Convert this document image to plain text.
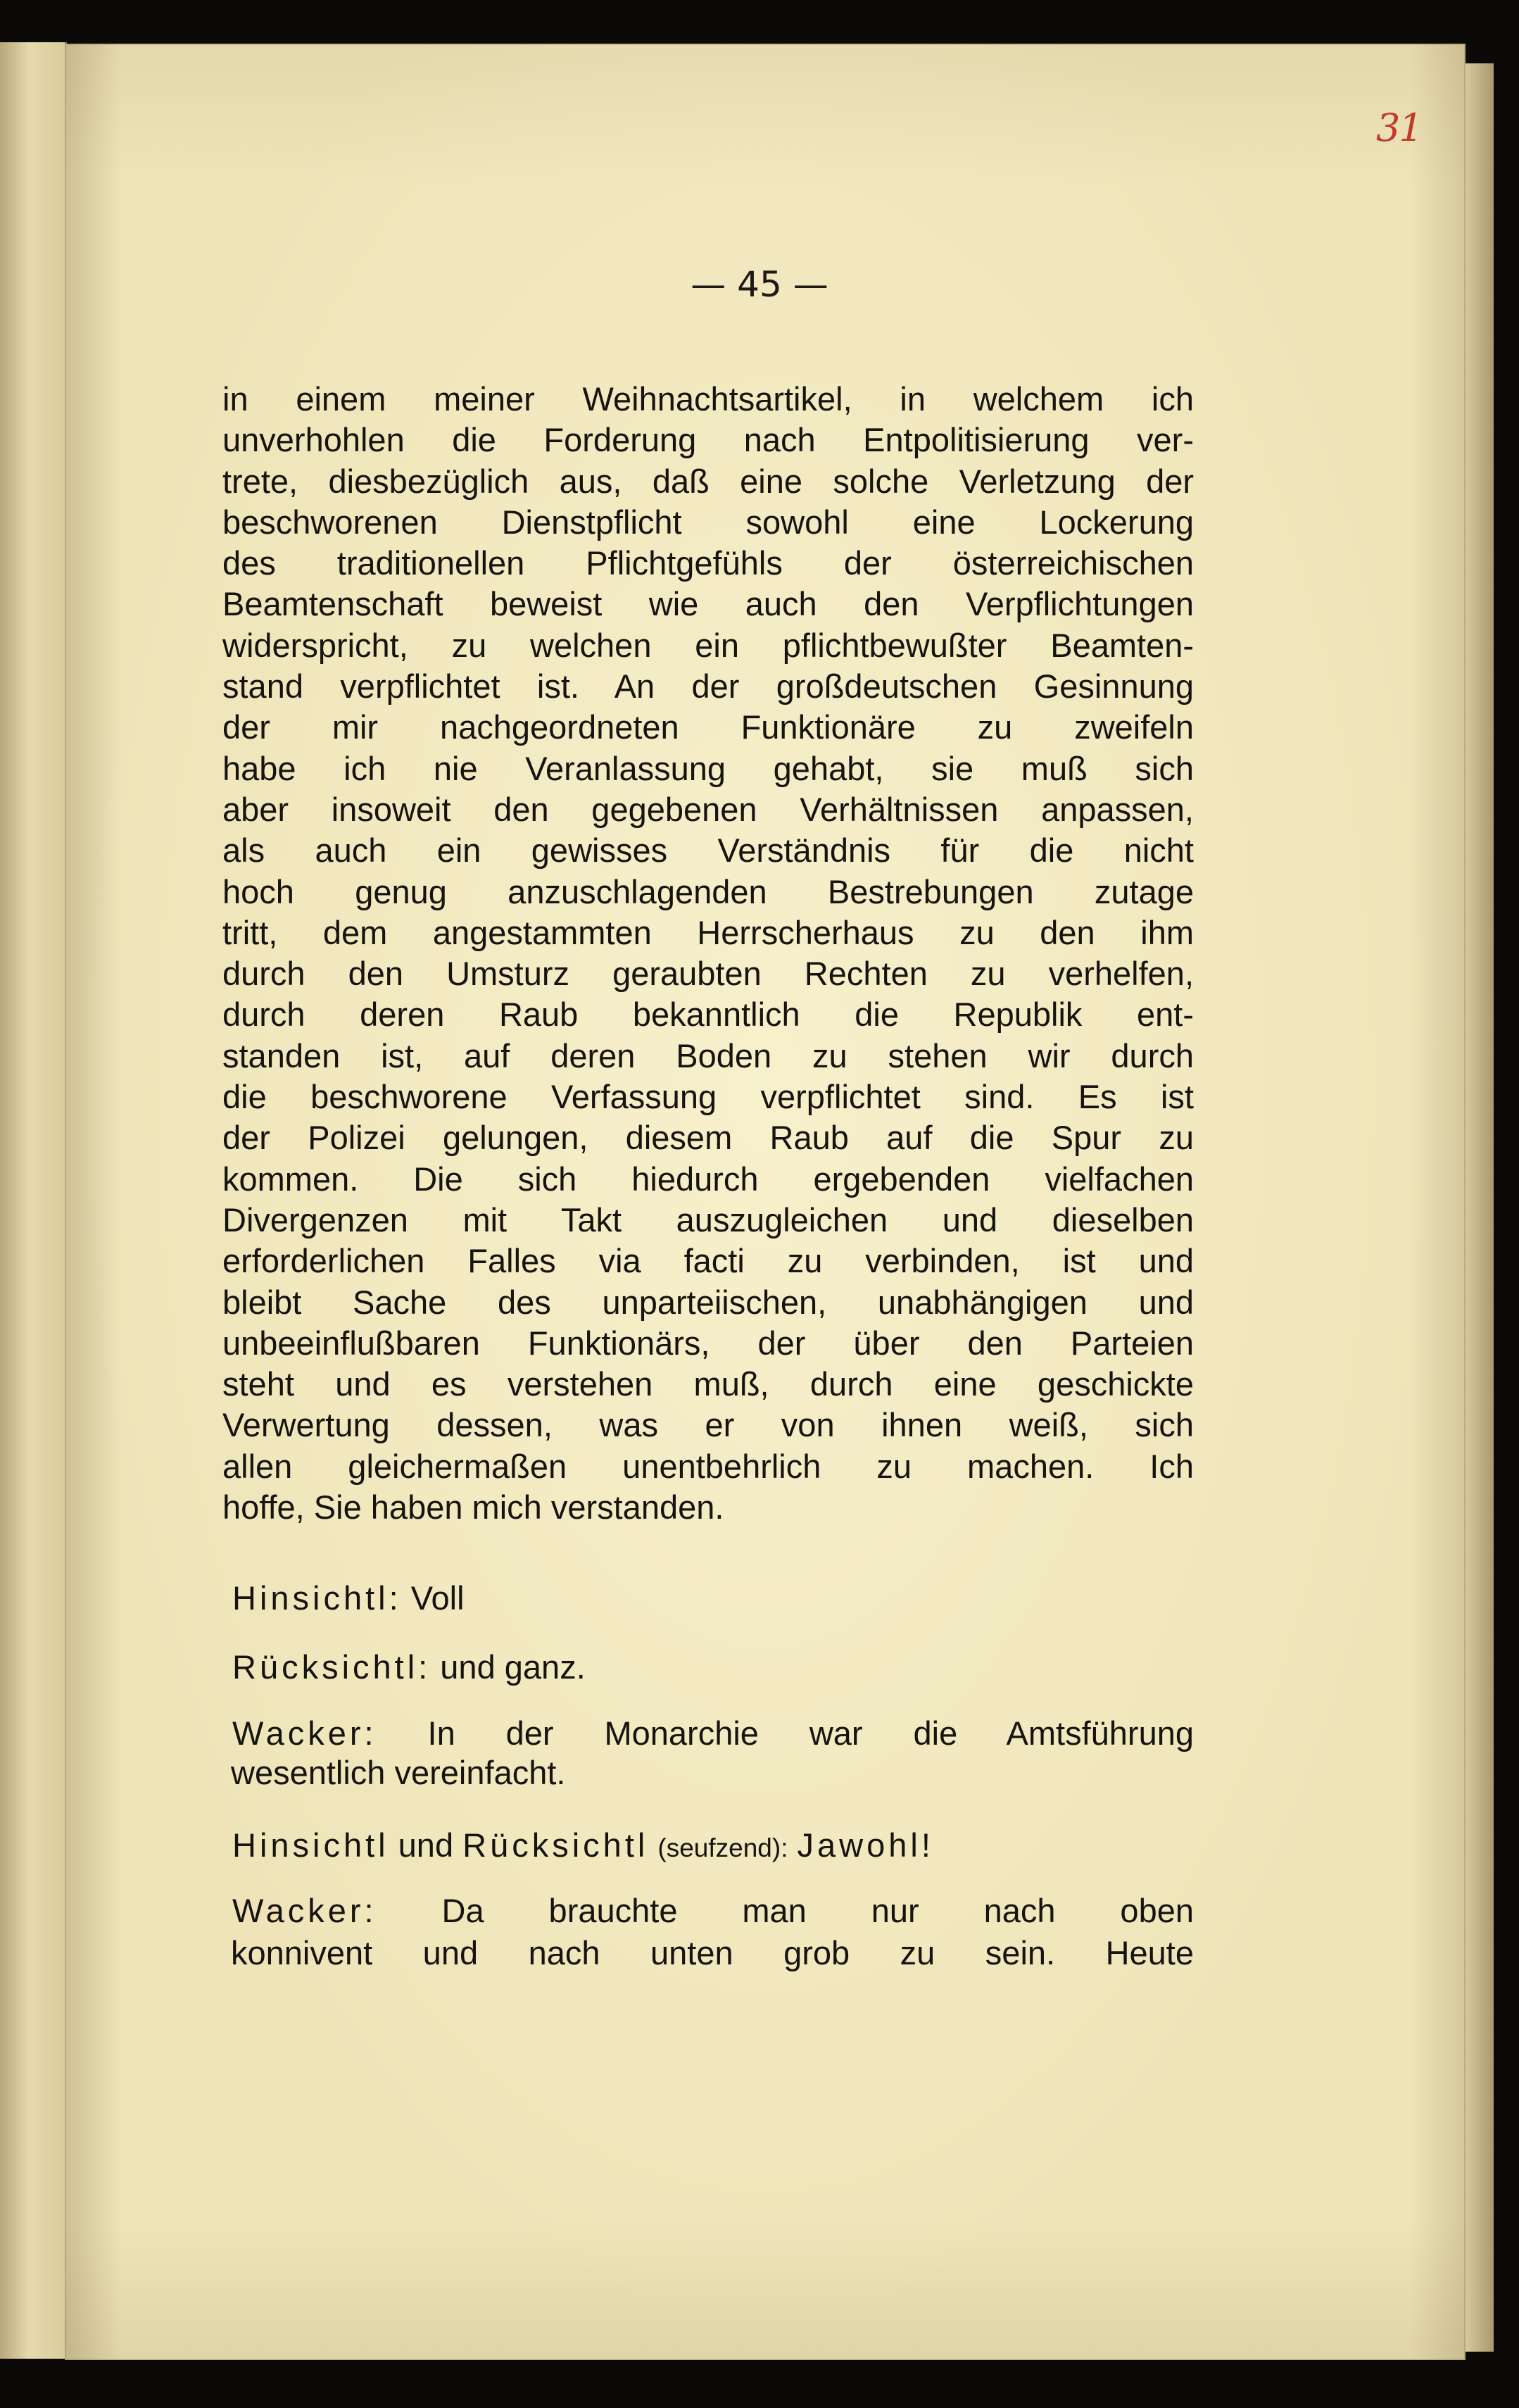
31
— 45 —
in einem meiner Weihnachtsartikel, in welchem ich
unverhohlen die Forderung nach Entpolitisierung ver-
trete, diesbezüglich aus, daß eine solche Verletzung der
beschworenen Dienstpflicht sowohl eine Lockerung
des traditionellen Pflichtgefühls der österreichischen
Beamtenschaft beweist wie auch den Verpflichtungen
widerspricht, zu welchen ein pflichtbewußter Beamten-
stand verpflichtet ist. An der großdeutschen Gesinnung
der mir nachgeordneten Funktionäre zu zweifeln
habe ich nie Veranlassung gehabt, sie muß sich
aber insoweit den gegebenen Verhältnissen anpassen,
als auch ein gewisses Verständnis für die nicht
hoch genug anzuschlagenden Bestrebungen zutage
tritt, dem angestammten Herrscherhaus zu den ihm
durch den Umsturz geraubten Rechten zu verhelfen,
durch deren Raub bekanntlich die Republik ent-
standen ist, auf deren Boden zu stehen wir durch
die beschworene Verfassung verpflichtet sind. Es ist
der Polizei gelungen, diesem Raub auf die Spur zu
kommen. Die sich hiedurch ergebenden vielfachen
Divergenzen mit Takt auszugleichen und dieselben
erforderlichen Falles via facti zu verbinden, ist und
bleibt Sache des unparteiischen, unabhängigen und
unbeeinflußbaren Funktionärs, der über den Parteien
steht und es verstehen muß, durch eine geschickte
Verwertung dessen, was er von ihnen weiß, sich
allen gleichermaßen unentbehrlich zu machen. Ich
hoffe, Sie haben mich verstanden.
Hinsichtl: Voll
Rücksichtl: und ganz.
Wacker: In der Monarchie war die Amtsführung
wesentlich vereinfacht.
Hinsichtl und Rücksichtl (seufzend): Jawohl!
Wacker: Da brauchte man nur nach oben
konnivent und nach unten grob zu sein. Heute
